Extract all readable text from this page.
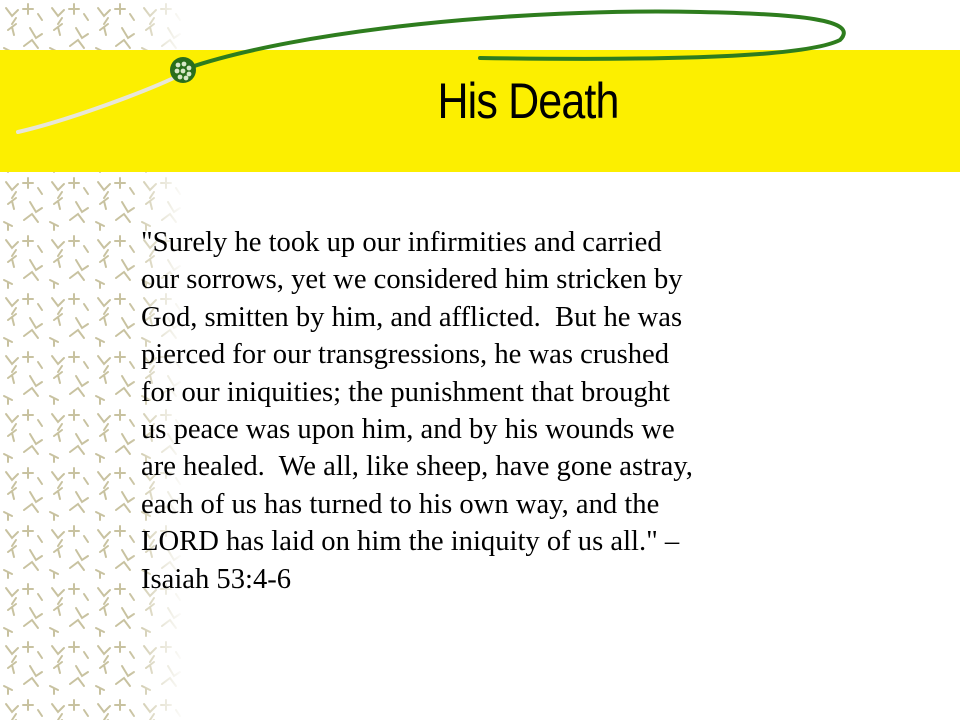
His Death
"Surely he took up our infirmities and carried
our sorrows, yet we considered him stricken by
God, smitten by him, and afflicted.  But he was
pierced for our transgressions, he was crushed
for our iniquities; the punishment that brought
us peace was upon him, and by his wounds we
are healed.  We all, like sheep, have gone astray,
each of us has turned to his own way, and the
LORD has laid on him the iniquity of us all." –
Isaiah 53:4-6
